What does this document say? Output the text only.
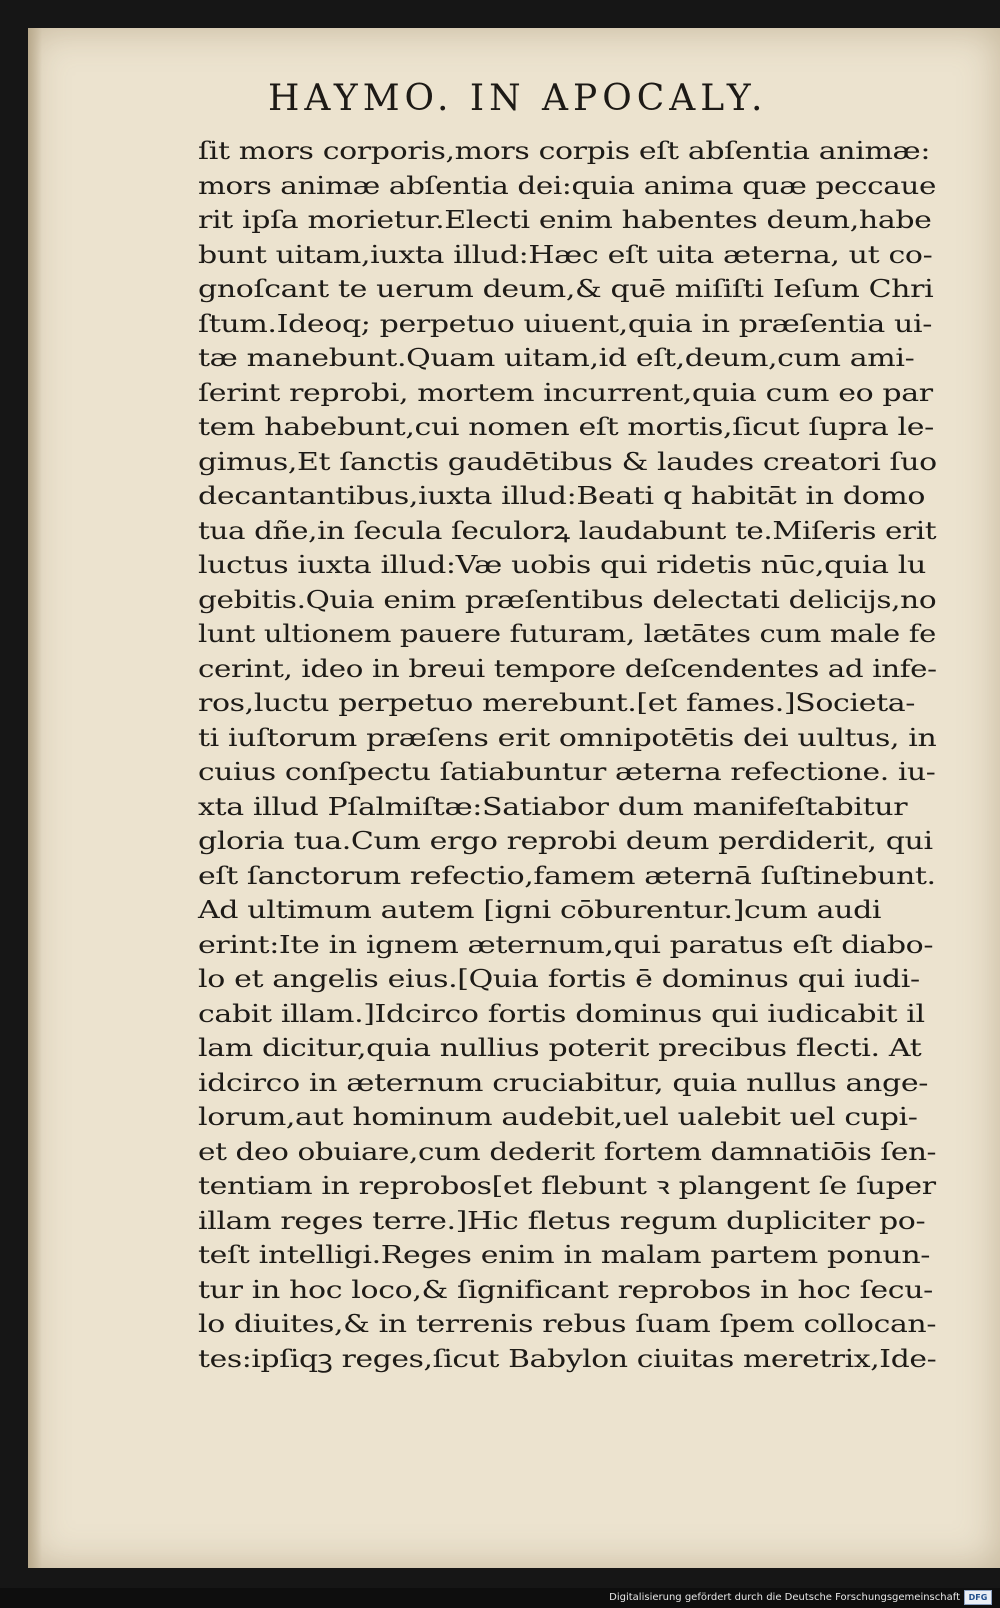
HAYMO. IN APOCALY.
ſit mors corporis,mors corpis eſt abſentia animæ:
mors animæ abſentia dei:quia anima quæ peccaue
rit ipſa morietur.Electi enim habentes deum,habe
bunt uitam,iuxta illud:Hæc eſt uita æterna, ut co-
gnoſcant te uerum deum,& quē miſiſti Ieſum Chri
ſtum.Ideoq; perpetuo uiuent,quia in præſentia ui-
tæ manebunt.Quam uitam,id eſt,deum,cum ami-
ſerint reprobi, mortem incurrent,quia cum eo par
tem habebunt,cui nomen eſt mortis,ſicut ſupra le-
gimus,Et ſanctis gaudētibus & laudes creatori ſuo
decantantibus,iuxta illud:Beati q habitāt in domo
tua dñe,in ſecula ſeculorꝝ laudabunt te.Miſeris erit
luctus iuxta illud:Væ uobis qui ridetis nūc,quia lu
gebitis.Quia enim præſentibus delectati delicijs,no
lunt ultionem pauere futuram, lætātes cum male fe
cerint, ideo in breui tempore deſcendentes ad infe-
ros,luctu perpetuo merebunt.[et fames.]Societa-
ti iuſtorum præſens erit omnipotētis dei uultus, in
cuius conſpectu ſatiabuntur æterna refectione. iu-
xta illud Pſalmiſtæ:Satiabor dum manifeſtabitur
gloria tua.Cum ergo reprobi deum perdiderit, qui
eſt ſanctorum refectio,famem æternā ſuſtinebunt.
Ad ultimum autem [igni cōburentur.]cum audi
erint:Ite in ignem æternum,qui paratus eſt diabo-
lo et angelis eius.[Quia fortis ē dominus qui iudi-
cabit illam.]Idcirco fortis dominus qui iudicabit il
lam dicitur,quia nullius poterit precibus flecti. At
idcirco in æternum cruciabitur, quia nullus ange-
lorum,aut hominum audebit,uel ualebit uel cupi-
et deo obuiare,cum dederit fortem damnatiōis ſen-
tentiam in reprobos[et flebunt ꝛ plangent ſe ſuper
illam reges terre.]Hic fletus regum dupliciter po-
teſt intelligi.Reges enim in malam partem ponun-
tur in hoc loco,& ſignificant reprobos in hoc ſecu-
lo diuites,& in terrenis rebus ſuam ſpem collocan-
tes:ipſiqꝫ reges,ſicut Babylon ciuitas meretrix,Ide-
Digitalisierung gefördert durch die Deutsche Forschungsgemeinschaft	DFG
